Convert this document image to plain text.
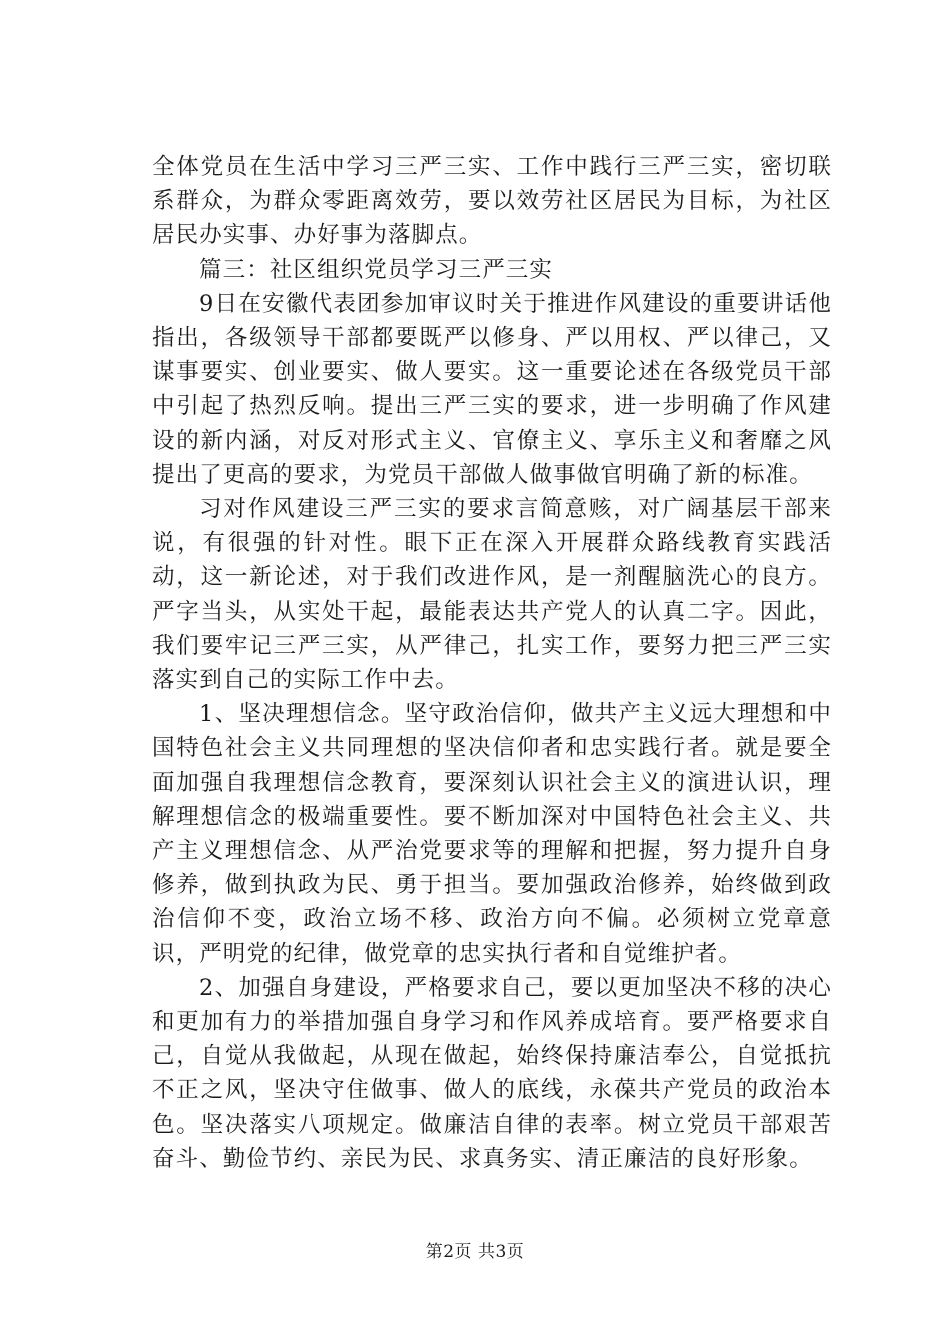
全体党员在生活中学习三严三实、工作中践行三严三实，密切联系群众，为群众零距离效劳，要以效劳社区居民为目标，为社区居民办实事、办好事为落脚点。

篇三：社区组织党员学习三严三实

9日在安徽代表团参加审议时关于推进作风建设的重要讲话他指出，各级领导干部都要既严以修身、严以用权、严以律己，又谋事要实、创业要实、做人要实。这一重要论述在各级党员干部中引起了热烈反响。提出三严三实的要求，进一步明确了作风建设的新内涵，对反对形式主义、官僚主义、享乐主义和奢靡之风提出了更高的要求，为党员干部做人做事做官明确了新的标准。

习对作风建设三严三实的要求言简意赅，对广阔基层干部来说，有很强的针对性。眼下正在深入开展群众路线教育实践活动，这一新论述，对于我们改进作风，是一剂醒脑洗心的良方。严字当头，从实处干起，最能表达共产党人的认真二字。因此，我们要牢记三严三实，从严律己，扎实工作，要努力把三严三实落实到自己的实际工作中去。

1、坚决理想信念。坚守政治信仰，做共产主义远大理想和中国特色社会主义共同理想的坚决信仰者和忠实践行者。就是要全面加强自我理想信念教育，要深刻认识社会主义的演进认识，理解理想信念的极端重要性。要不断加深对中国特色社会主义、共产主义理想信念、从严治党要求等的理解和把握，努力提升自身修养，做到执政为民、勇于担当。要加强政治修养，始终做到政治信仰不变，政治立场不移、政治方向不偏。必须树立党章意识，严明党的纪律，做党章的忠实执行者和自觉维护者。

2、加强自身建设，严格要求自己，要以更加坚决不移的决心和更加有力的举措加强自身学习和作风养成培育。要严格要求自己，自觉从我做起，从现在做起，始终保持廉洁奉公，自觉抵抗不正之风，坚决守住做事、做人的底线，永葆共产党员的政治本色。坚决落实八项规定。做廉洁自律的表率。树立党员干部艰苦奋斗、勤俭节约、亲民为民、求真务实、清正廉洁的良好形象。

第2页 共3页
